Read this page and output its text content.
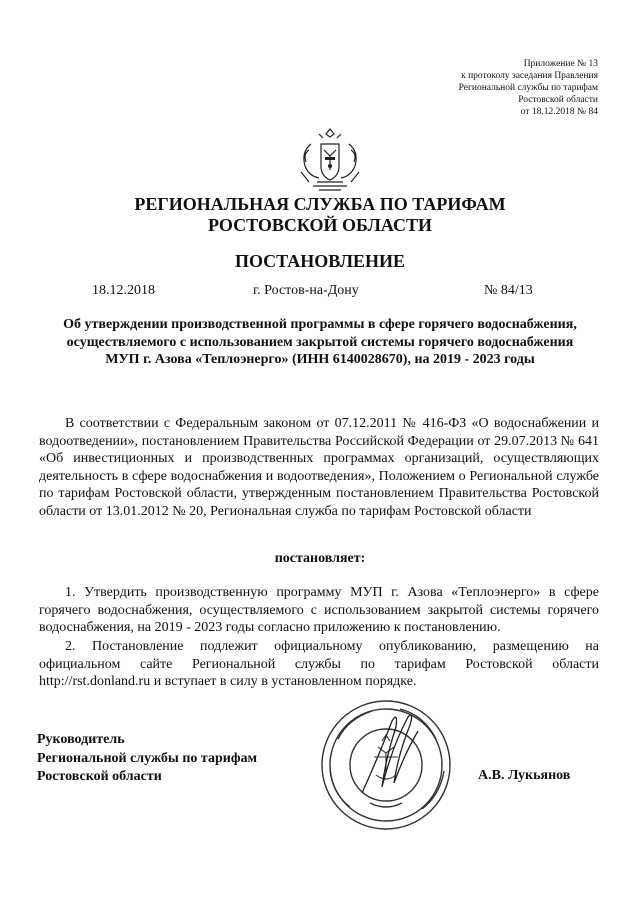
Приложение № 13
к протоколу заседания Правления
Региональной службы по тарифам
Ростовской области
от 18.12.2018 № 84
РЕГИОНАЛЬНАЯ СЛУЖБА ПО ТАРИФАМ
РОСТОВСКОЙ ОБЛАСТИ
ПОСТАНОВЛЕНИЕ
18.12.2018	г. Ростов-на-Дону	№ 84/13
Об утверждении производственной программы в сфере горячего водоснабжения, осуществляемого с использованием закрытой системы горячего водоснабжения МУП г. Азова «Теплоэнерго» (ИНН 6140028670), на 2019 - 2023 годы

В соответствии с Федеральным законом от 07.12.2011 № 416-ФЗ «О водоснабжении и водоотведении», постановлением Правительства Российской Федерации от 29.07.2013 № 641 «Об инвестиционных и производственных программах организаций, осуществляющих деятельность в сфере водоснабжения и водоотведения», Положением о Региональной службе по тарифам Ростовской области, утвержденным постановлением Правительства Ростовской области от 13.01.2012 № 20, Региональная служба по тарифам Ростовской области

постановляет:

1. Утвердить производственную программу МУП г. Азова «Теплоэнерго» в сфере горячего водоснабжения, осуществляемого с использованием закрытой системы горячего водоснабжения, на 2019 - 2023 годы согласно приложению к постановлению.

2. Постановление подлежит официальному опубликованию, размещению на официальном сайте Региональной службы по тарифам Ростовской области http://rst.donland.ru и вступает в силу в установленном порядке.

Руководитель
Региональной службы по тарифам
Ростовской области	А.В. Лукьянов
